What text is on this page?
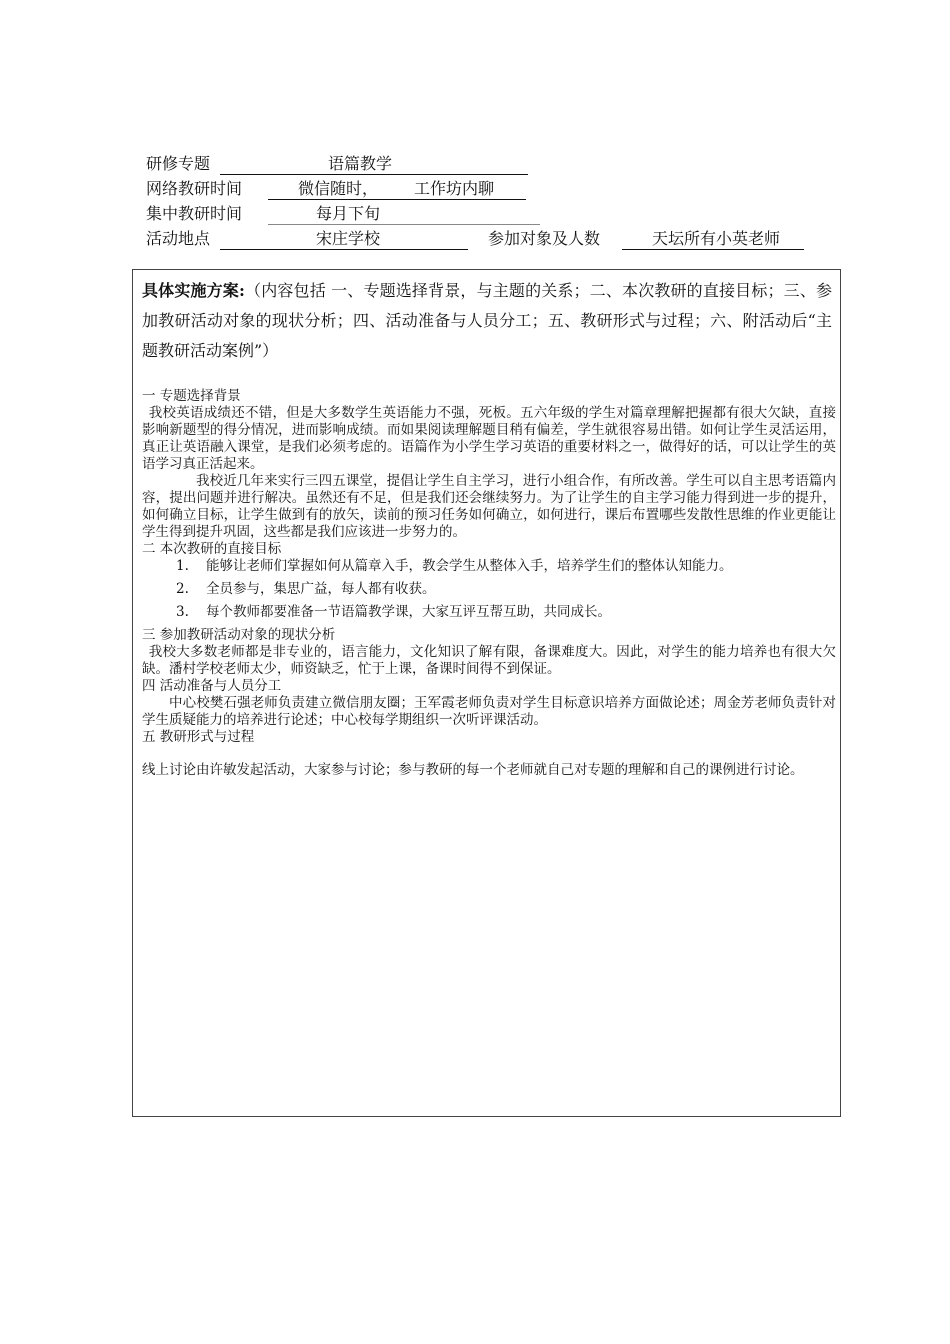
研修专题	语篇教学
网络教研时间	微信随时， 工作坊内聊
集中教研时间	每月下旬
活动地点	宋庄学校	参加对象及人数	天坛所有小英老师
具体实施方案:（内容包括 一、专题选择背景，与主题的关系；二、本次教研的直接目标；三、参加教研活动对象的现状分析；四、活动准备与人员分工；五、教研形式与过程；六、附活动后“主题教研活动案例”）

一 专题选择背景

我校英语成绩还不错，但是大多数学生英语能力不强，死板。五六年级的学生对篇章理解把握都有很大欠缺，直接影响新题型的得分情况，进而影响成绩。而如果阅读理解题目稍有偏差，学生就很容易出错。如何让学生灵活运用，真正让英语融入课堂，是我们必须考虑的。语篇作为小学生学习英语的重要材料之一，做得好的话，可以让学生的英语学习真正活起来。

我校近几年来实行三四五课堂，提倡让学生自主学习，进行小组合作，有所改善。学生可以自主思考语篇内容，提出问题并进行解决。虽然还有不足，但是我们还会继续努力。为了让学生的自主学习能力得到进一步的提升，如何确立目标，让学生做到有的放矢，读前的预习任务如何确立，如何进行，课后布置哪些发散性思维的作业更能让学生得到提升巩固，这些都是我们应该进一步努力的。

二 本次教研的直接目标

1. 能够让老师们掌握如何从篇章入手，教会学生从整体入手，培养学生们的整体认知能力。
2. 全员参与，集思广益，每人都有收获。
3. 每个教师都要准备一节语篇教学课，大家互评互帮互助，共同成长。

三 参加教研活动对象的现状分析

我校大多数老师都是非专业的，语言能力，文化知识了解有限，备课难度大。因此，对学生的能力培养也有很大欠缺。潘村学校老师太少，师资缺乏，忙于上课，备课时间得不到保证。

四 活动准备与人员分工

中心校樊石强老师负责建立微信朋友圈；王军霞老师负责对学生目标意识培养方面做论述；周金芳老师负责针对学生质疑能力的培养进行论述；中心校每学期组织一次听评课活动。

五 教研形式与过程

线上讨论由许敏发起活动，大家参与讨论；参与教研的每一个老师就自己对专题的理解和自己的课例进行讨论。
